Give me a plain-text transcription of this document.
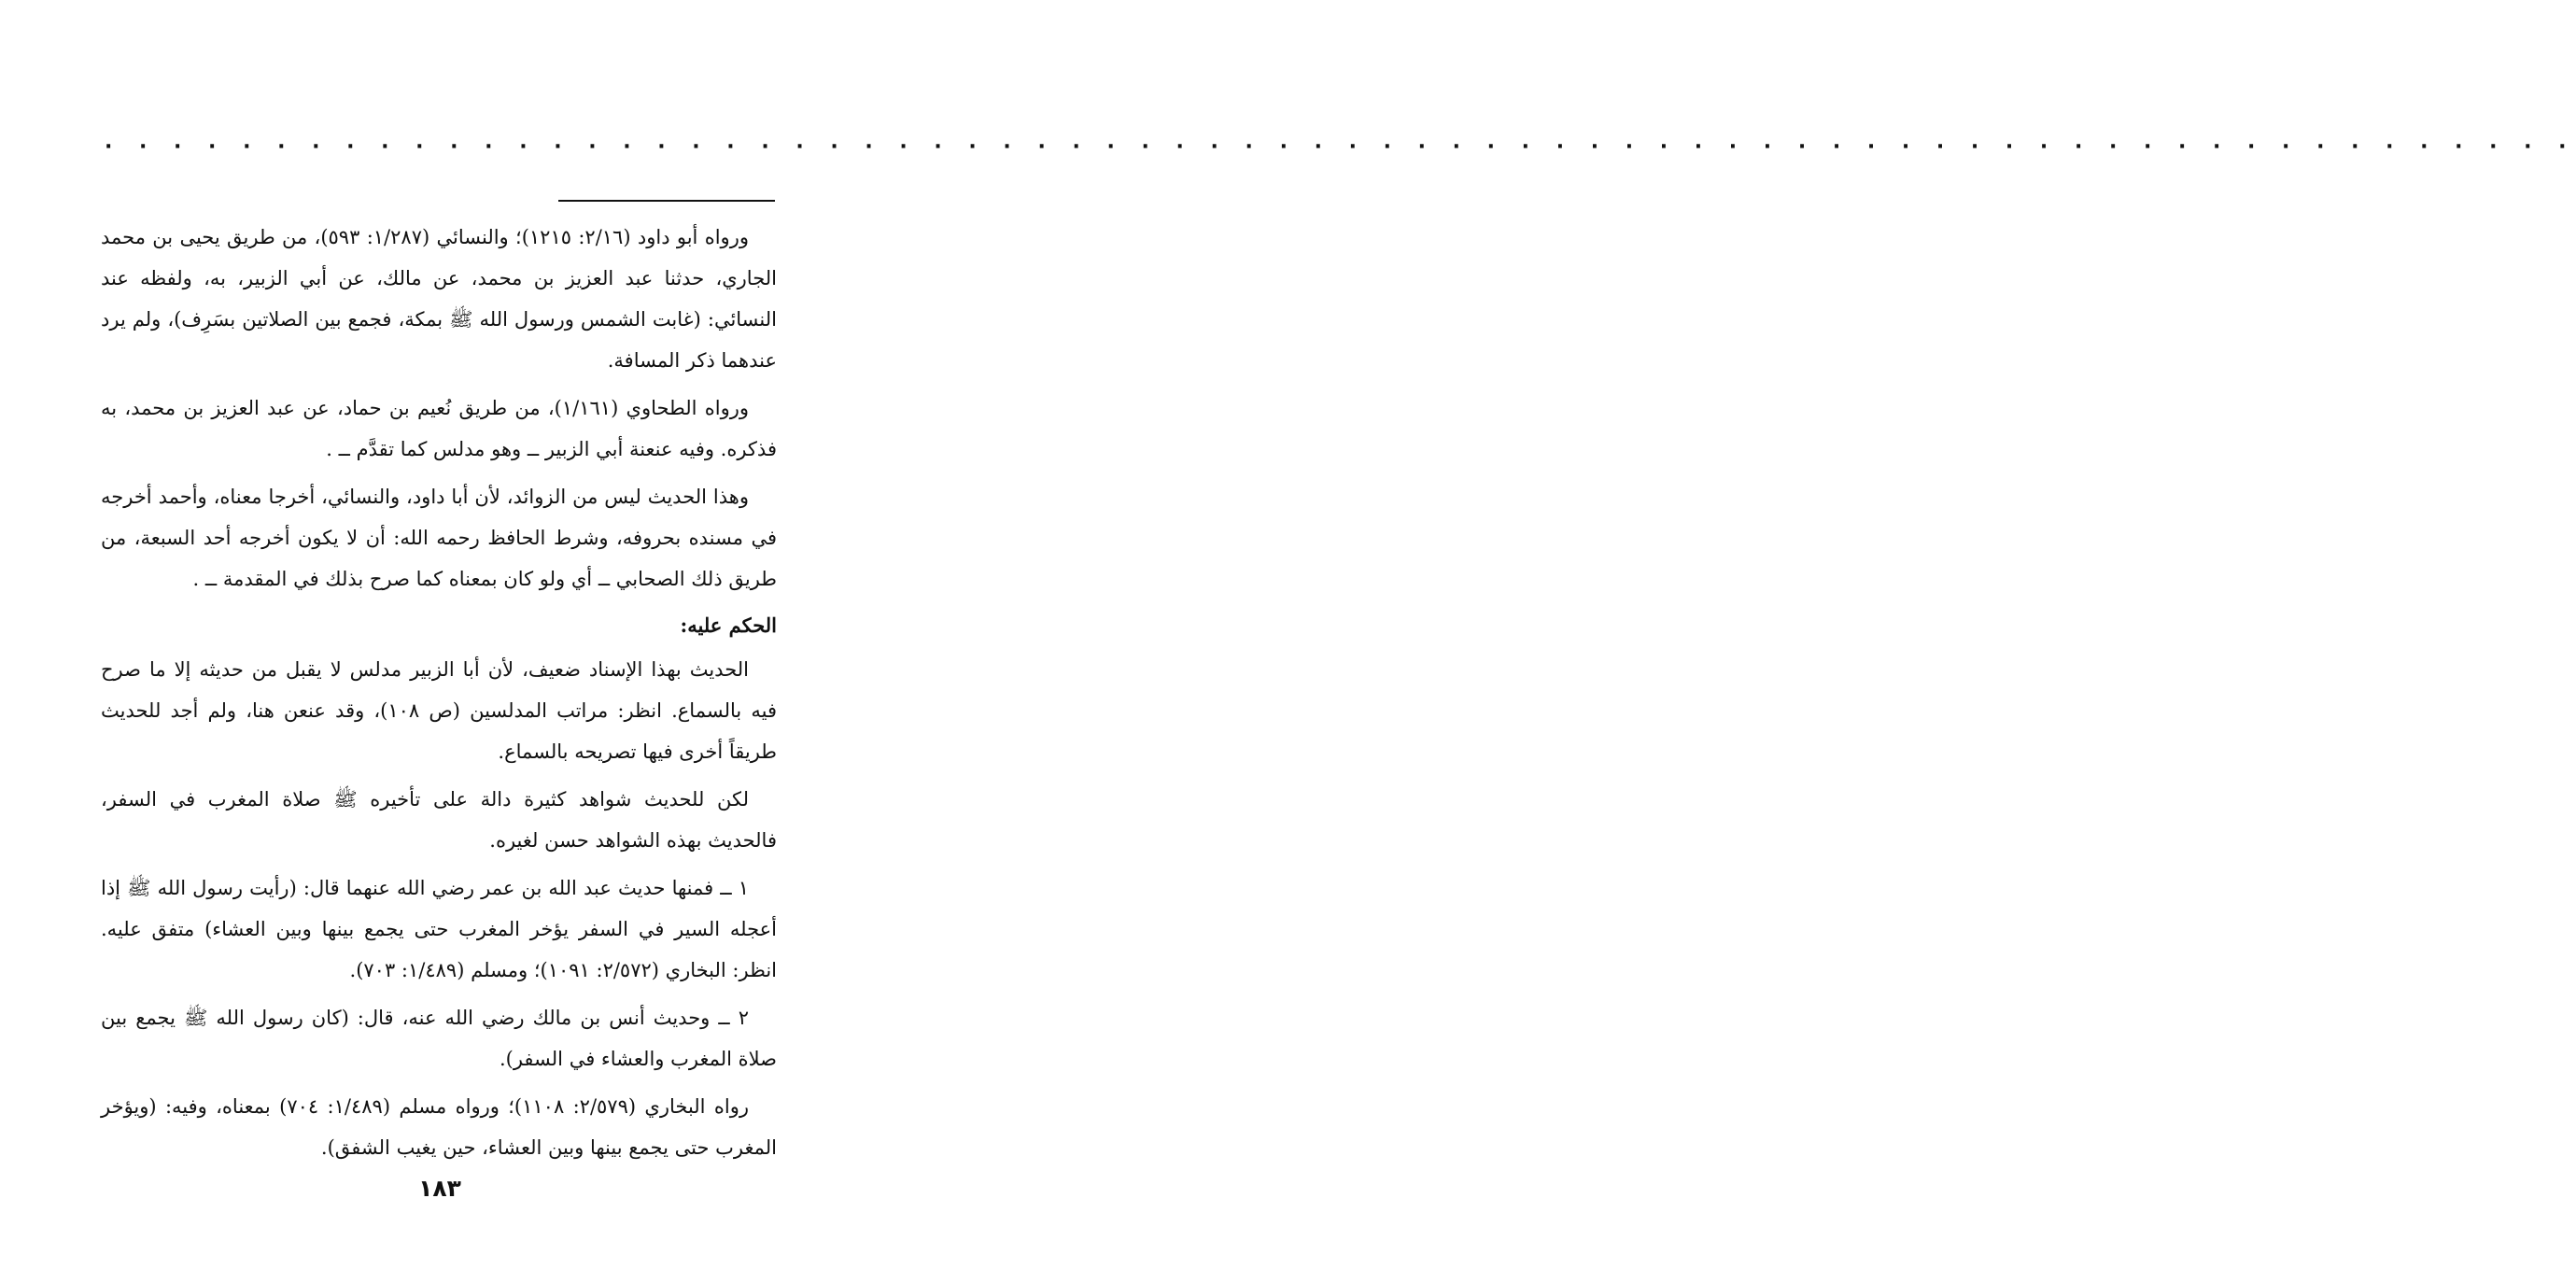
· · · · · · · · · · · · · · · · · · · · · · · · · · · · · · · · · · · · · · · · · · · · · · · · · · · · · · · · · · · · · · · · · · · · · · · ·

ورواه أبو داود (٢/١٦: ١٢١٥)؛ والنسائي (١/٢٨٧: ٥٩٣)، من طريق يحيى بن محمد الجاري، حدثنا عبد العزيز بن محمد، عن مالك، عن أبي الزبير، به، ولفظه عند النسائي: (غابت الشمس ورسول الله ﷺ بمكة، فجمع بين الصلاتين بسَرِف)، ولم يرد عندهما ذكر المسافة.

ورواه الطحاوي (١/١٦١)، من طريق نُعيم بن حماد، عن عبد العزيز بن محمد، به فذكره. وفيه عنعنة أبي الزبير ــ وهو مدلس كما تقدَّم ــ .

وهذا الحديث ليس من الزوائد، لأن أبا داود، والنسائي، أخرجا معناه، وأحمد أخرجه في مسنده بحروفه، وشرط الحافظ رحمه الله: أن لا يكون أخرجه أحد السبعة، من طريق ذلك الصحابي ــ أي ولو كان بمعناه كما صرح بذلك في المقدمة ــ .

الحكم عليه:

الحديث بهذا الإسناد ضعيف، لأن أبا الزبير مدلس لا يقبل من حديثه إلا ما صرح فيه بالسماع. انظر: مراتب المدلسين (ص ١٠٨)، وقد عنعن هنا، ولم أجد للحديث طريقاً أخرى فيها تصريحه بالسماع.

لكن للحديث شواهد كثيرة دالة على تأخيره ﷺ صلاة المغرب في السفر، فالحديث بهذه الشواهد حسن لغيره.

١ ــ فمنها حديث عبد الله بن عمر رضي الله عنهما قال: (رأيت رسول الله ﷺ إذا أعجله السير في السفر يؤخر المغرب حتى يجمع بينها وبين العشاء) متفق عليه. انظر: البخاري (٢/٥٧٢: ١٠٩١)؛ ومسلم (١/٤٨٩: ٧٠٣).

٢ ــ وحديث أنس بن مالك رضي الله عنه، قال: (كان رسول الله ﷺ يجمع بين صلاة المغرب والعشاء في السفر).

رواه البخاري (٢/٥٧٩: ١١٠٨)؛ ورواه مسلم (١/٤٨٩: ٧٠٤) بمعناه، وفيه: (ويؤخر المغرب حتى يجمع بينها وبين العشاء، حين يغيب الشفق).

١٨٣
